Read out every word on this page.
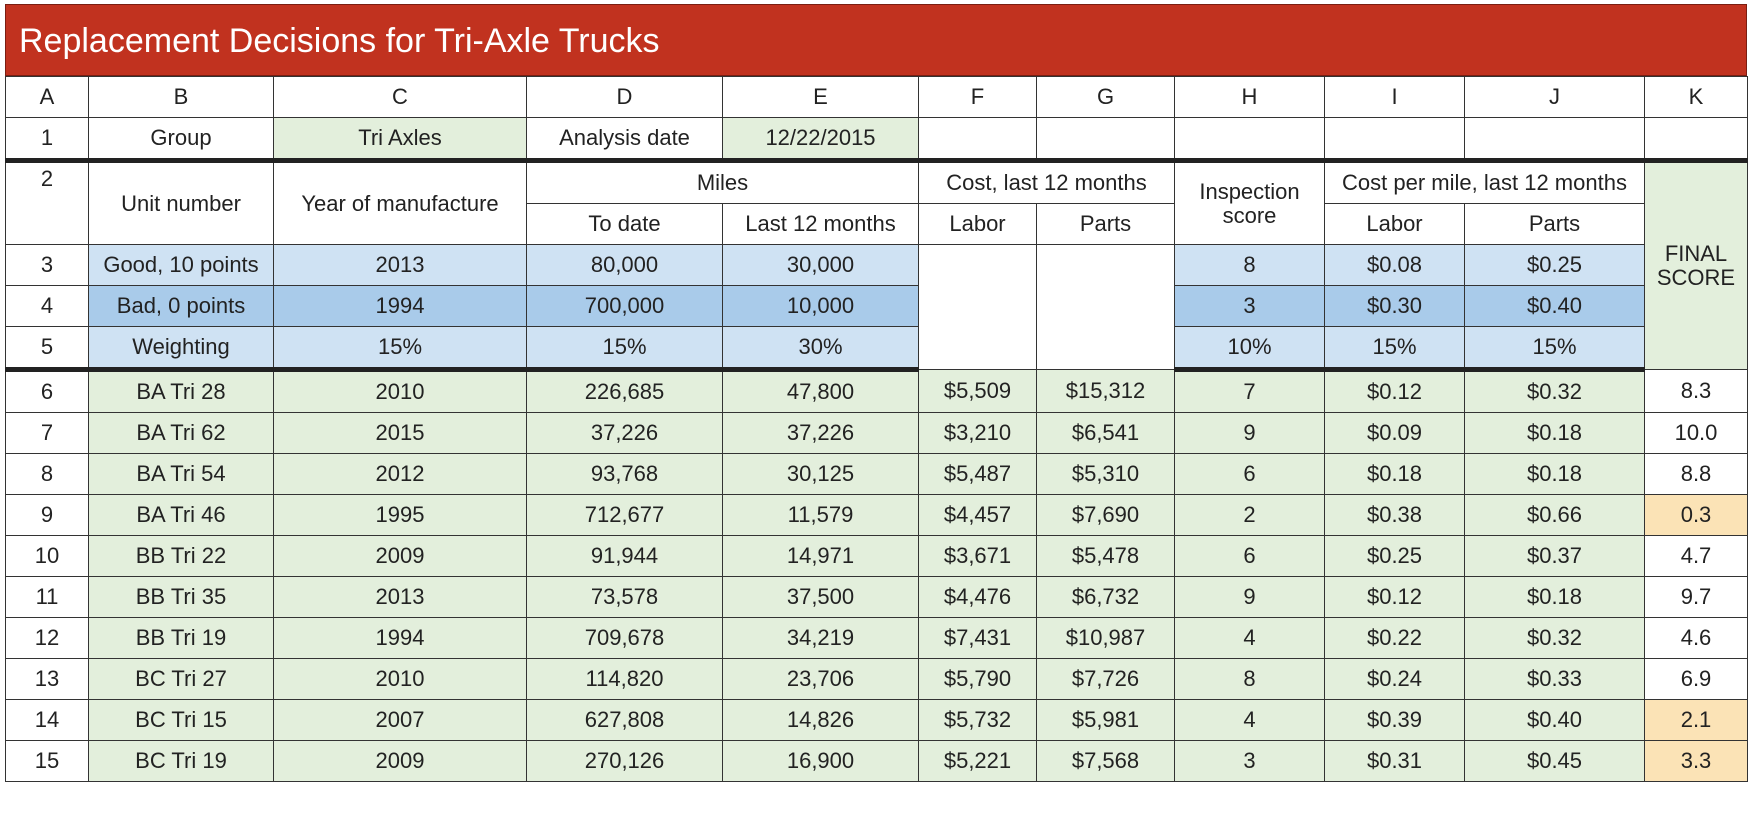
Replacement Decisions for Tri-Axle Trucks
A	B	C	D	E	F	G	H	I	J	K
1	Group	Tri Axles	Analysis date	12/22/2015						
2	Unit number	Year of manufacture	Miles		Cost, last 12 months		Inspection score	Cost per mile, last 12 months		FINAL SCORE
			To date	Last 12 months	Labor	Parts		Labor	Parts	
3	Good, 10 points	2013	80,000	30,000			8	$0.08	$0.25	
4	Bad, 0 points	1994	700,000	10,000			3	$0.30	$0.40	
5	Weighting	15%	15%	30%			10%	15%	15%	
6	BA Tri 28	2010	226,685	47,800	$5,509	$15,312	7	$0.12	$0.32	8.3
7	BA Tri 62	2015	37,226	37,226	$3,210	$6,541	9	$0.09	$0.18	10.0
8	BA Tri 54	2012	93,768	30,125	$5,487	$5,310	6	$0.18	$0.18	8.8
9	BA Tri 46	1995	712,677	11,579	$4,457	$7,690	2	$0.38	$0.66	0.3
10	BB Tri 22	2009	91,944	14,971	$3,671	$5,478	6	$0.25	$0.37	4.7
11	BB Tri 35	2013	73,578	37,500	$4,476	$6,732	9	$0.12	$0.18	9.7
12	BB Tri 19	1994	709,678	34,219	$7,431	$10,987	4	$0.22	$0.32	4.6
13	BC Tri 27	2010	114,820	23,706	$5,790	$7,726	8	$0.24	$0.33	6.9
14	BC Tri 15	2007	627,808	14,826	$5,732	$5,981	4	$0.39	$0.40	2.1
15	BC Tri 19	2009	270,126	16,900	$5,221	$7,568	3	$0.31	$0.45	3.3
